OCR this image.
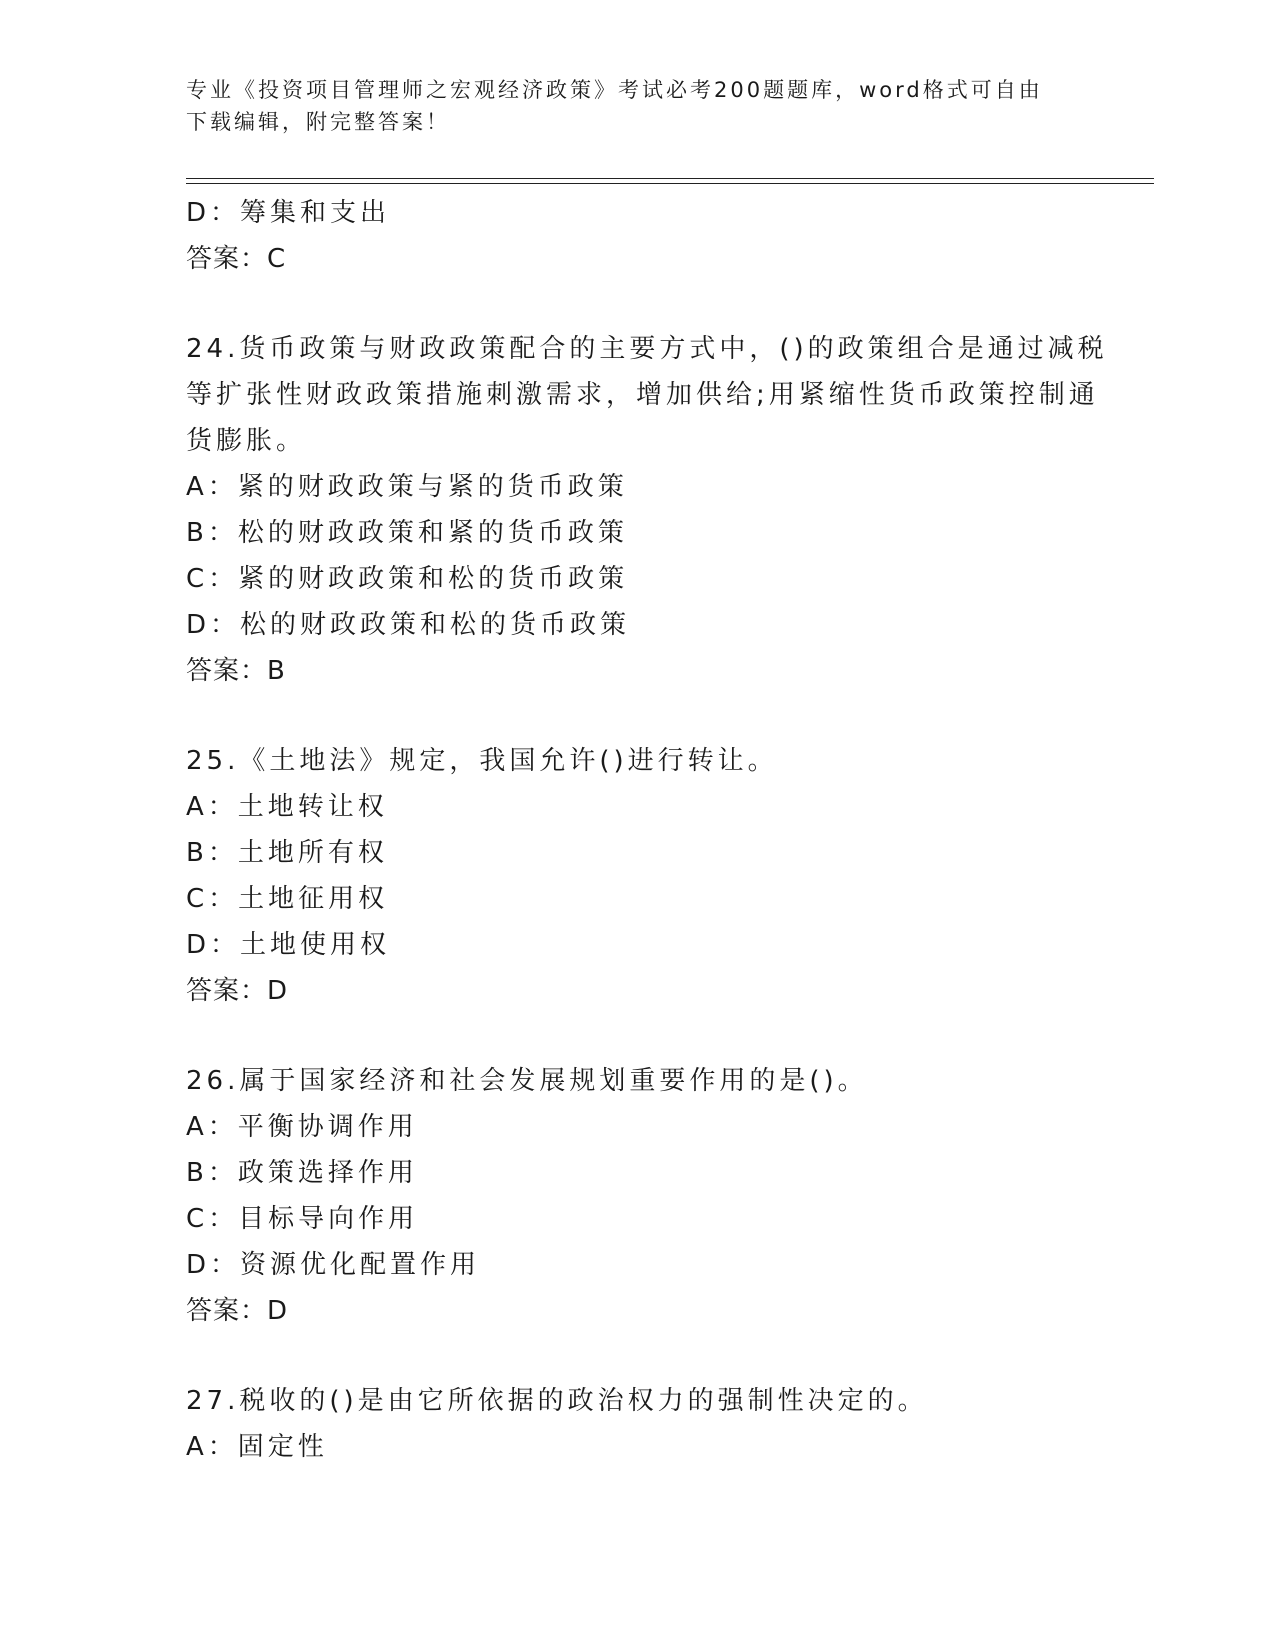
专业《投资项目管理师之宏观经济政策》考试必考200题题库，word格式可自由
下载编辑，附完整答案！
D：筹集和支出
答案：C
24.货币政策与财政政策配合的主要方式中，()的政策组合是通过减税
等扩张性财政政策措施刺激需求，增加供给;用紧缩性货币政策控制通
货膨胀。
A：紧的财政政策与紧的货币政策
B：松的财政政策和紧的货币政策
C：紧的财政政策和松的货币政策
D：松的财政政策和松的货币政策
答案：B
25.《土地法》规定，我国允许()进行转让。
A：土地转让权
B：土地所有权
C：土地征用权
D：土地使用权
答案：D
26.属于国家经济和社会发展规划重要作用的是()。
A：平衡协调作用
B：政策选择作用
C：目标导向作用
D：资源优化配置作用
答案：D
27.税收的()是由它所依据的政治权力的强制性决定的。
A：固定性
